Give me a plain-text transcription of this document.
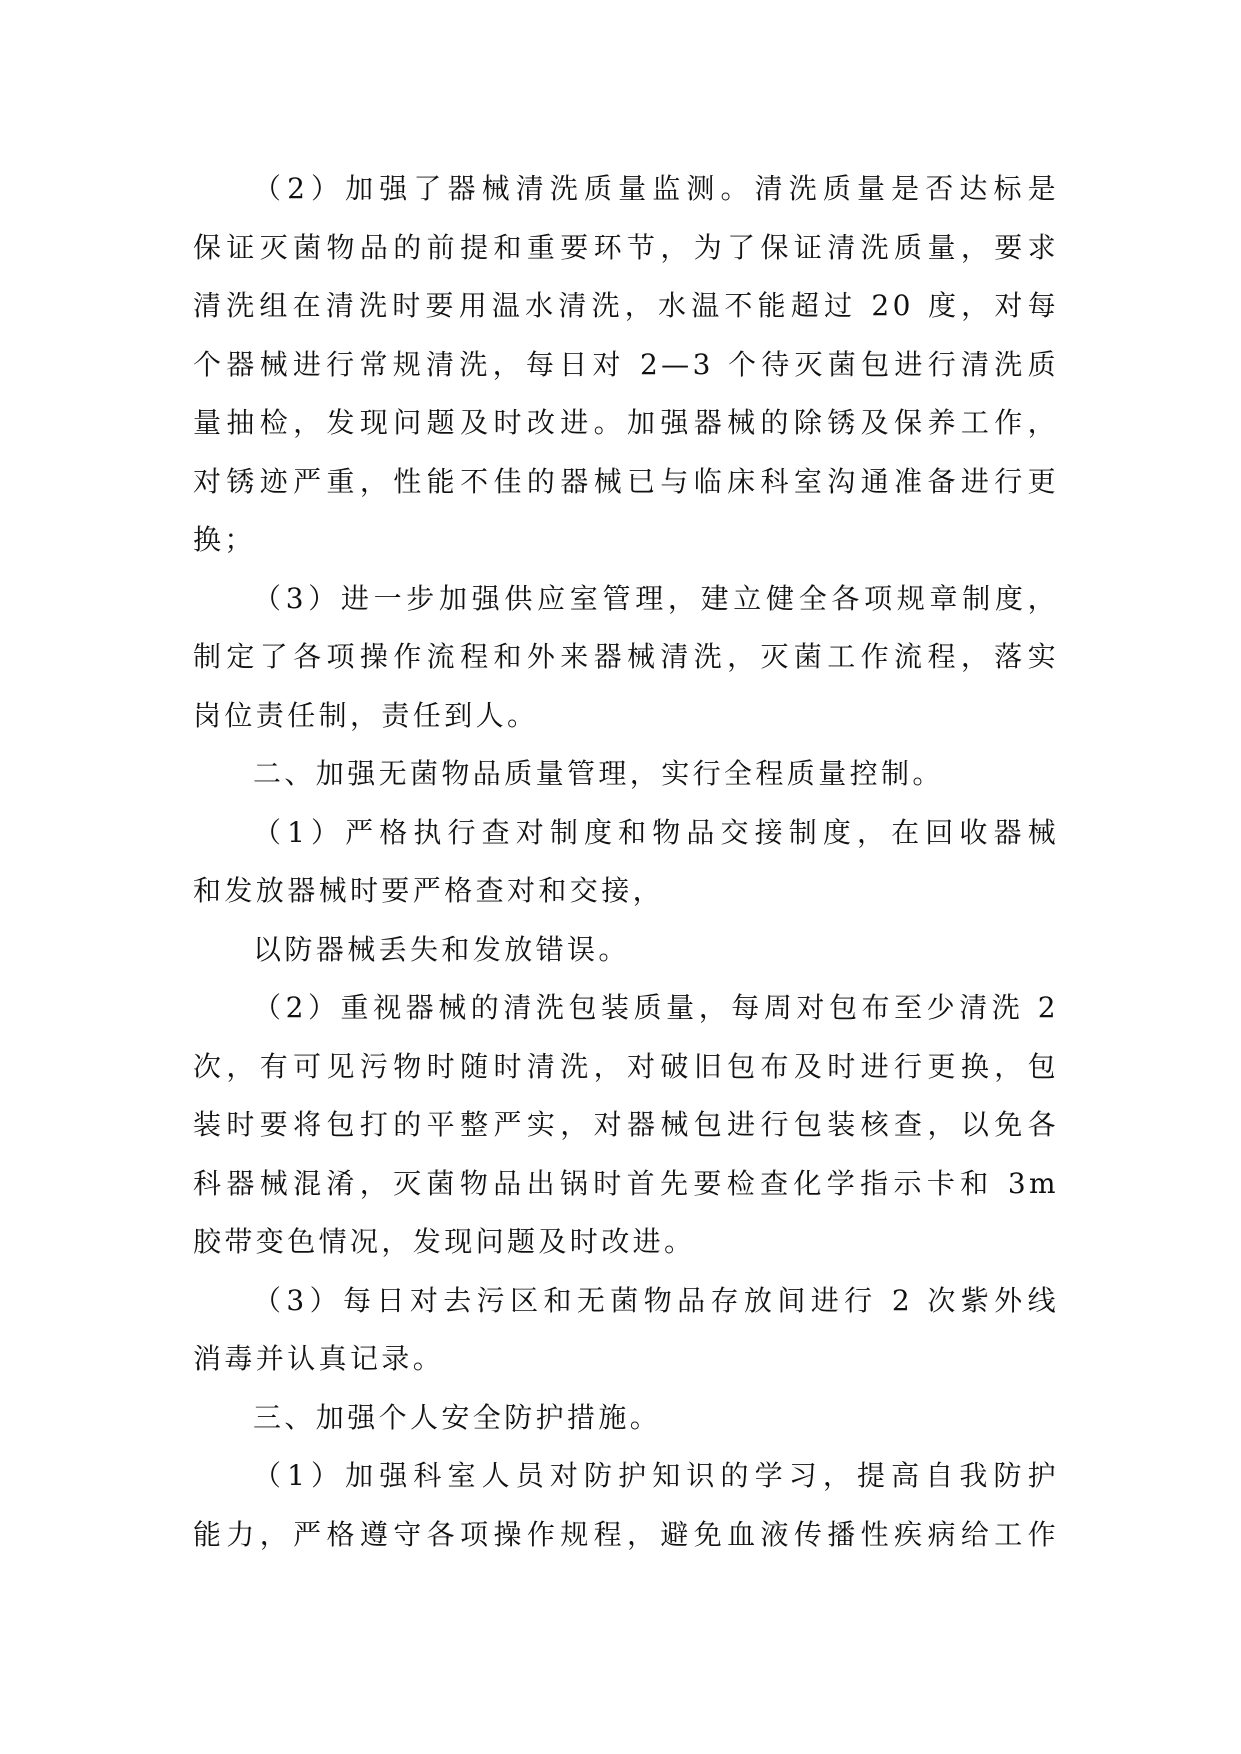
（2）加强了器械清洗质量监测。清洗质量是否达标是
保证灭菌物品的前提和重要环节，为了保证清洗质量，要求
清洗组在清洗时要用温水清洗，水温不能超过 20 度，对每
个器械进行常规清洗，每日对 2—3 个待灭菌包进行清洗质
量抽检，发现问题及时改进。加强器械的除锈及保养工作，
对锈迹严重，性能不佳的器械已与临床科室沟通准备进行更
换；
（3）进一步加强供应室管理，建立健全各项规章制度，
制定了各项操作流程和外来器械清洗，灭菌工作流程，落实
岗位责任制，责任到人。
二、加强无菌物品质量管理，实行全程质量控制。
（1）严格执行查对制度和物品交接制度，在回收器械
和发放器械时要严格查对和交接，
以防器械丢失和发放错误。
（2）重视器械的清洗包装质量，每周对包布至少清洗 2
次，有可见污物时随时清洗，对破旧包布及时进行更换，包
装时要将包打的平整严实，对器械包进行包装核查，以免各
科器械混淆，灭菌物品出锅时首先要检查化学指示卡和 3m
胶带变色情况，发现问题及时改进。
（3）每日对去污区和无菌物品存放间进行 2 次紫外线
消毒并认真记录。
三、加强个人安全防护措施。
（1）加强科室人员对防护知识的学习，提高自我防护
能力，严格遵守各项操作规程，避免血液传播性疾病给工作
